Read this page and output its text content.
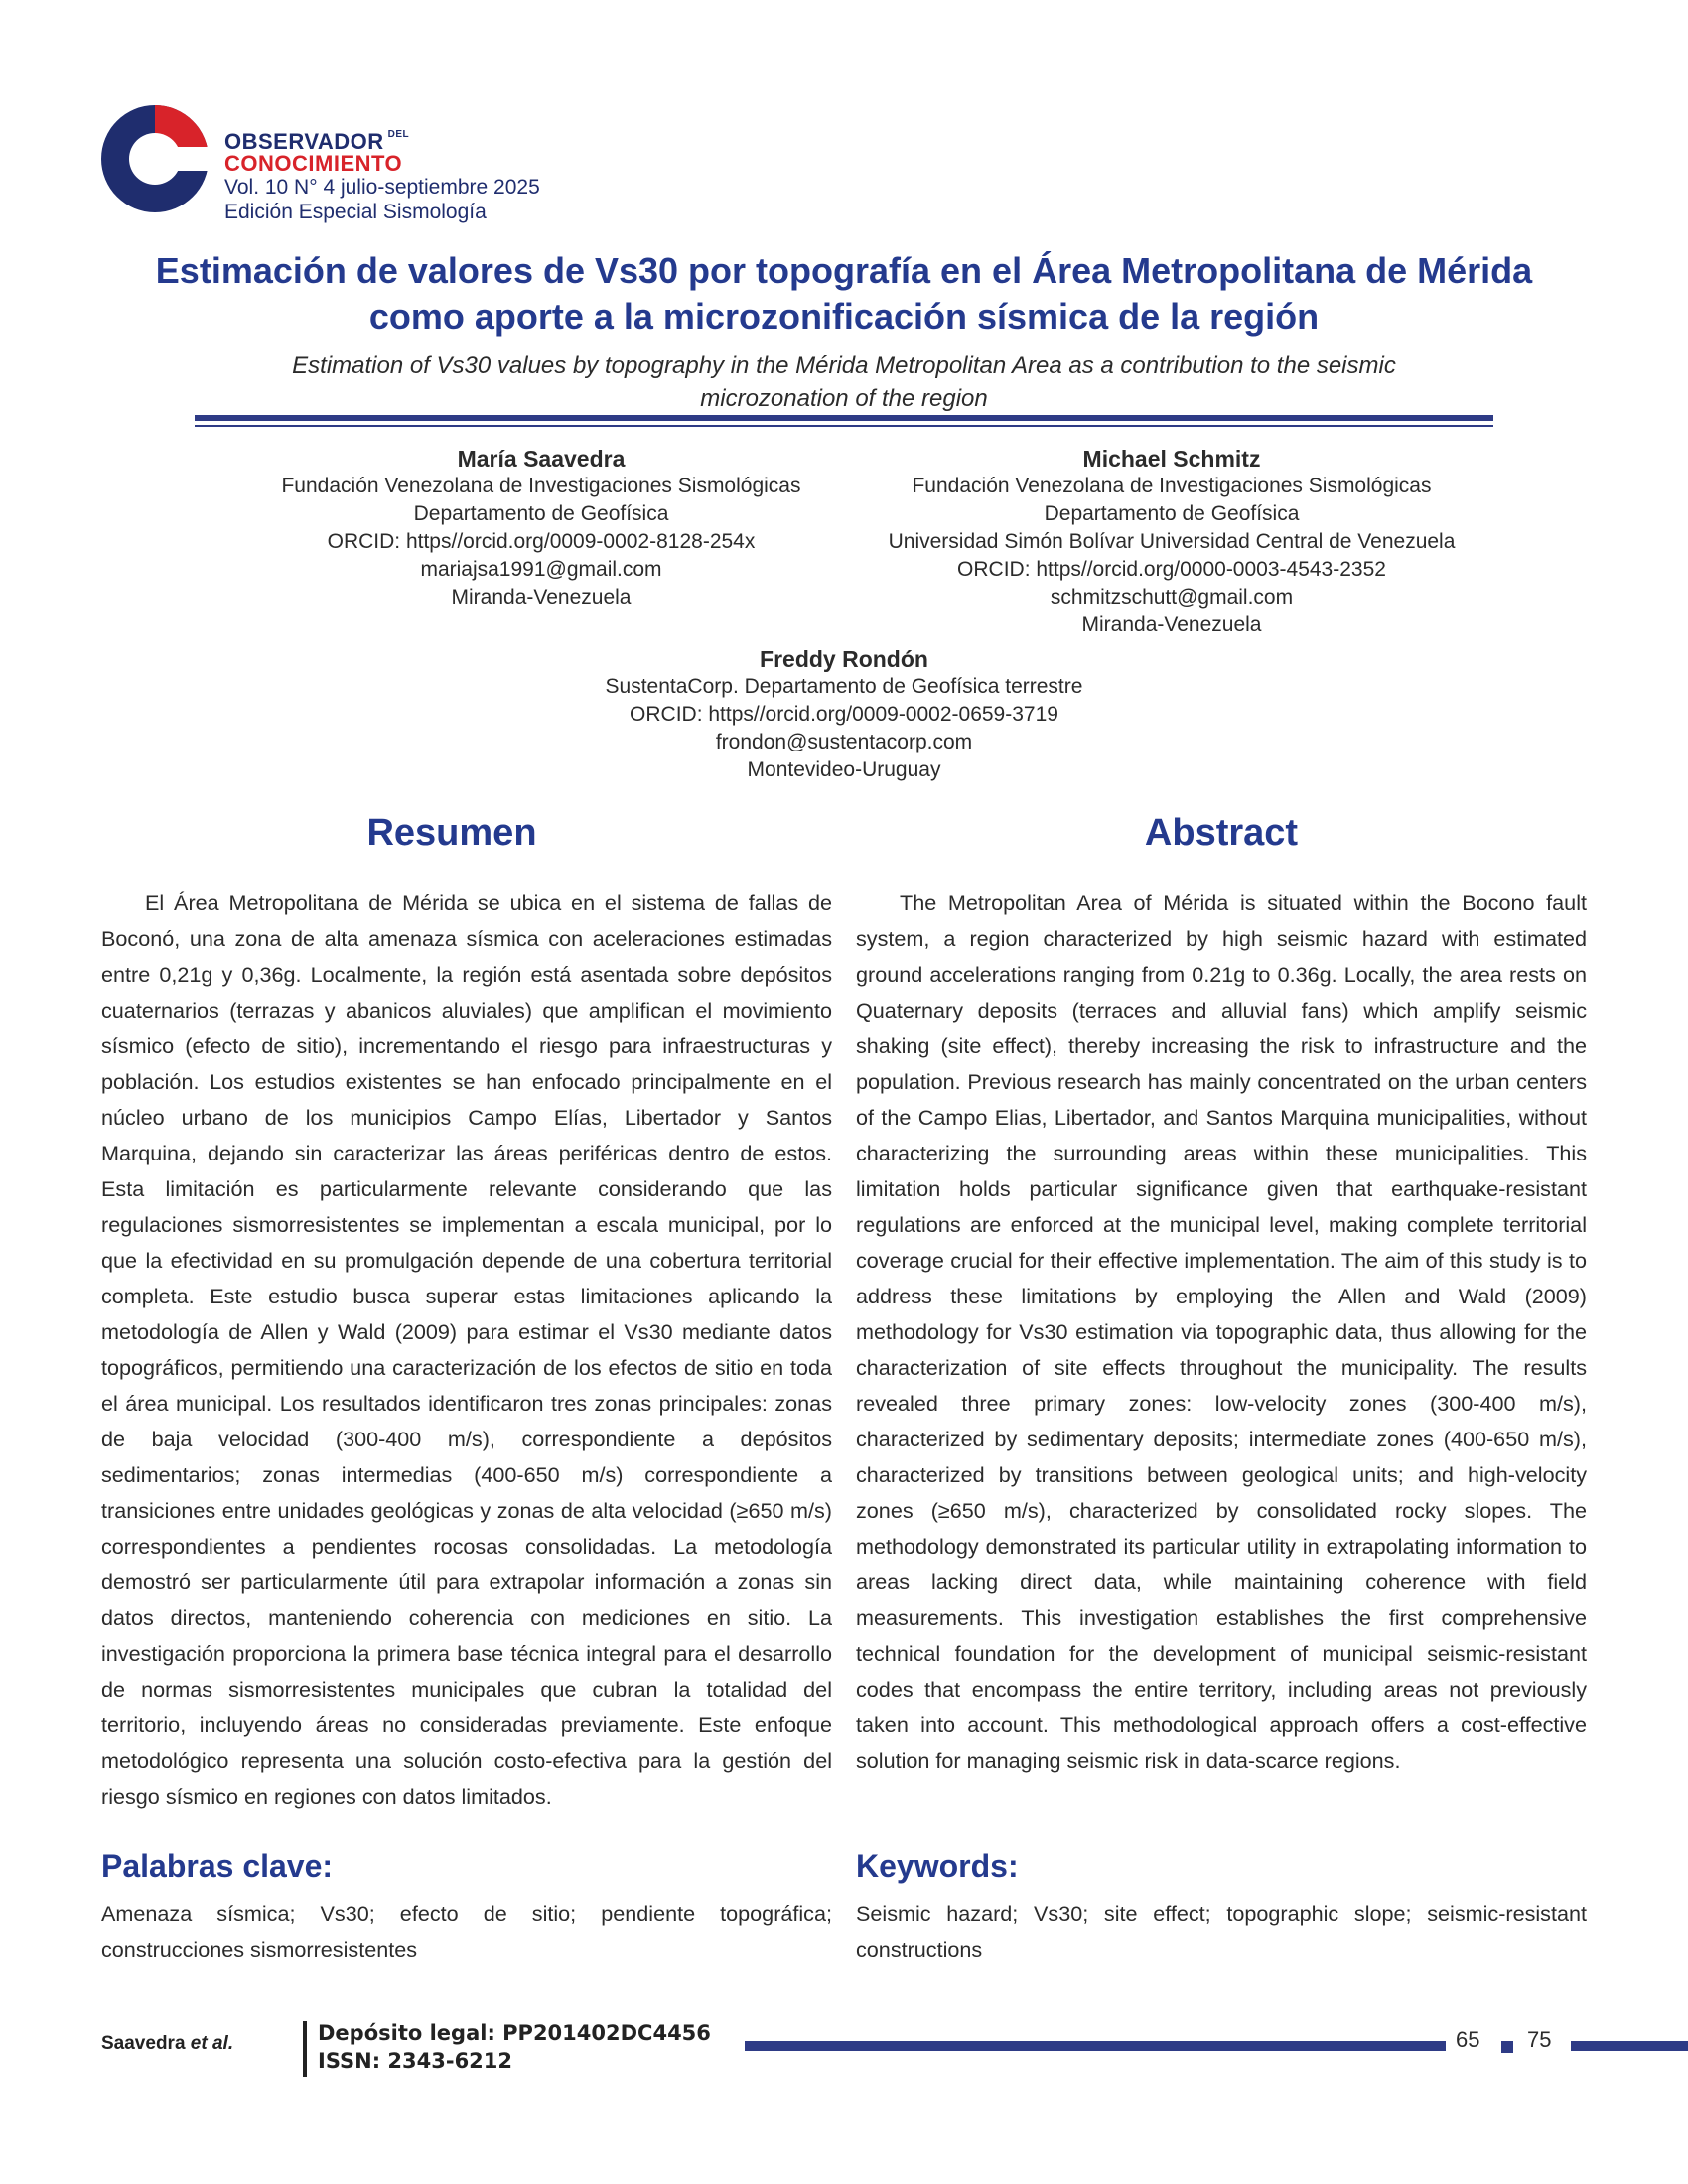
OBSERVADOR $^{DEL}$
CONOCIMIENTO
Vol. 10 N° 4 julio-septiembre 2025
Edición Especial Sismología
Estimación de valores de Vs30 por topografía en el Área Metropolitana de Mérida como aporte a la microzonificación sísmica de la región
Estimation of Vs30 values by topography in the Mérida Metropolitan Area as a contribution to the seismic microzonation of the region
María Saavedra
Fundación Venezolana de Investigaciones Sismológicas
Departamento de Geofísica
ORCID: https//orcid.org/0009-0002-8128-254x
mariajsa1991@gmail.com
Miranda-Venezuela
Michael Schmitz
Fundación Venezolana de Investigaciones Sismológicas
Departamento de Geofísica
Universidad Simón Bolívar Universidad Central de Venezuela
ORCID: https//orcid.org/0000-0003-4543-2352
schmitzschutt@gmail.com
Miranda-Venezuela
Freddy Rondón
SustentaCorp. Departamento de Geofísica terrestre
ORCID: https//orcid.org/0009-0002-0659-3719
frondon@sustentacorp.com
Montevideo-Uruguay
Resumen	Abstract

El Área Metropolitana de Mérida se ubica en el sistema de fallas de Boconó, una zona de alta amenaza sísmica con aceleraciones estimadas entre 0,21g y 0,36g. Localmente, la región está asentada sobre depósitos cuaternarios (terrazas y abanicos aluviales) que amplifican el movimiento sísmico (efecto de sitio), incrementando el riesgo para infraestructuras y población. Los estudios existentes se han enfocado principalmente en el núcleo urbano de los municipios Campo Elías, Libertador y Santos Marquina, dejando sin caracterizar las áreas periféricas dentro de estos. Esta limitación es particularmente relevante considerando que las regulaciones sismorresistentes se implementan a escala municipal, por lo que la efectividad en su promulgación depende de una cobertura territorial completa. Este estudio busca superar estas limitaciones aplicando la metodología de Allen y Wald (2009) para estimar el Vs30 mediante datos topográficos, permitiendo una caracterización de los efectos de sitio en toda el área municipal. Los resultados identificaron tres zonas principales: zonas de baja velocidad (300-400 m/s), correspondiente a depósitos sedimentarios; zonas intermedias (400-650 m/s) correspondiente a transiciones entre unidades geológicas y zonas de alta velocidad (≥650 m/s) correspondientes a pendientes rocosas consolidadas. La metodología demostró ser particularmente útil para extrapolar información a zonas sin datos directos, manteniendo coherencia con mediciones en sitio. La investigación proporciona la primera base técnica integral para el desarrollo de normas sismorresistentes municipales que cubran la totalidad del territorio, incluyendo áreas no consideradas previamente. Este enfoque metodológico representa una solución costo-efectiva para la gestión del riesgo sísmico en regiones con datos limitados.

The Metropolitan Area of Mérida is situated within the Bocono fault system, a region characterized by high seismic hazard with estimated ground accelerations ranging from 0.21g to 0.36g. Locally, the area rests on Quaternary deposits (terraces and alluvial fans) which amplify seismic shaking (site effect), thereby increasing the risk to infrastructure and the population. Previous research has mainly concentrated on the urban centers of the Campo Elias, Libertador, and Santos Marquina municipalities, without characterizing the surrounding areas within these municipalities. This limitation holds particular significance given that earthquake-resistant regulations are enforced at the municipal level, making complete territorial coverage crucial for their effective implementation. The aim of this study is to address these limitations by employing the Allen and Wald (2009) methodology for Vs30 estimation via topographic data, thus allowing for the characterization of site effects throughout the municipality. The results revealed three primary zones: low-velocity zones (300-400 m/s), characterized by sedimentary deposits; intermediate zones (400-650 m/s), characterized by transitions between geological units; and high-velocity zones (≥650 m/s), characterized by consolidated rocky slopes. The methodology demonstrated its particular utility in extrapolating information to areas lacking direct data, while maintaining coherence with field measurements. This investigation establishes the first comprehensive technical foundation for the development of municipal seismic-resistant codes that encompass the entire territory, including areas not previously taken into account. This methodological approach offers a cost-effective solution for managing seismic risk in data-scarce regions.

Palabras clave:	Keywords:
Amenaza sísmica; Vs30; efecto de sitio; pendiente topográfica; construcciones sismorresistentes
Seismic hazard; Vs30; site effect; topographic slope; seismic-resistant constructions
Saavedra et al.	Depósito legal: PP201402DC4456
ISSN: 2343-6212
65 75
